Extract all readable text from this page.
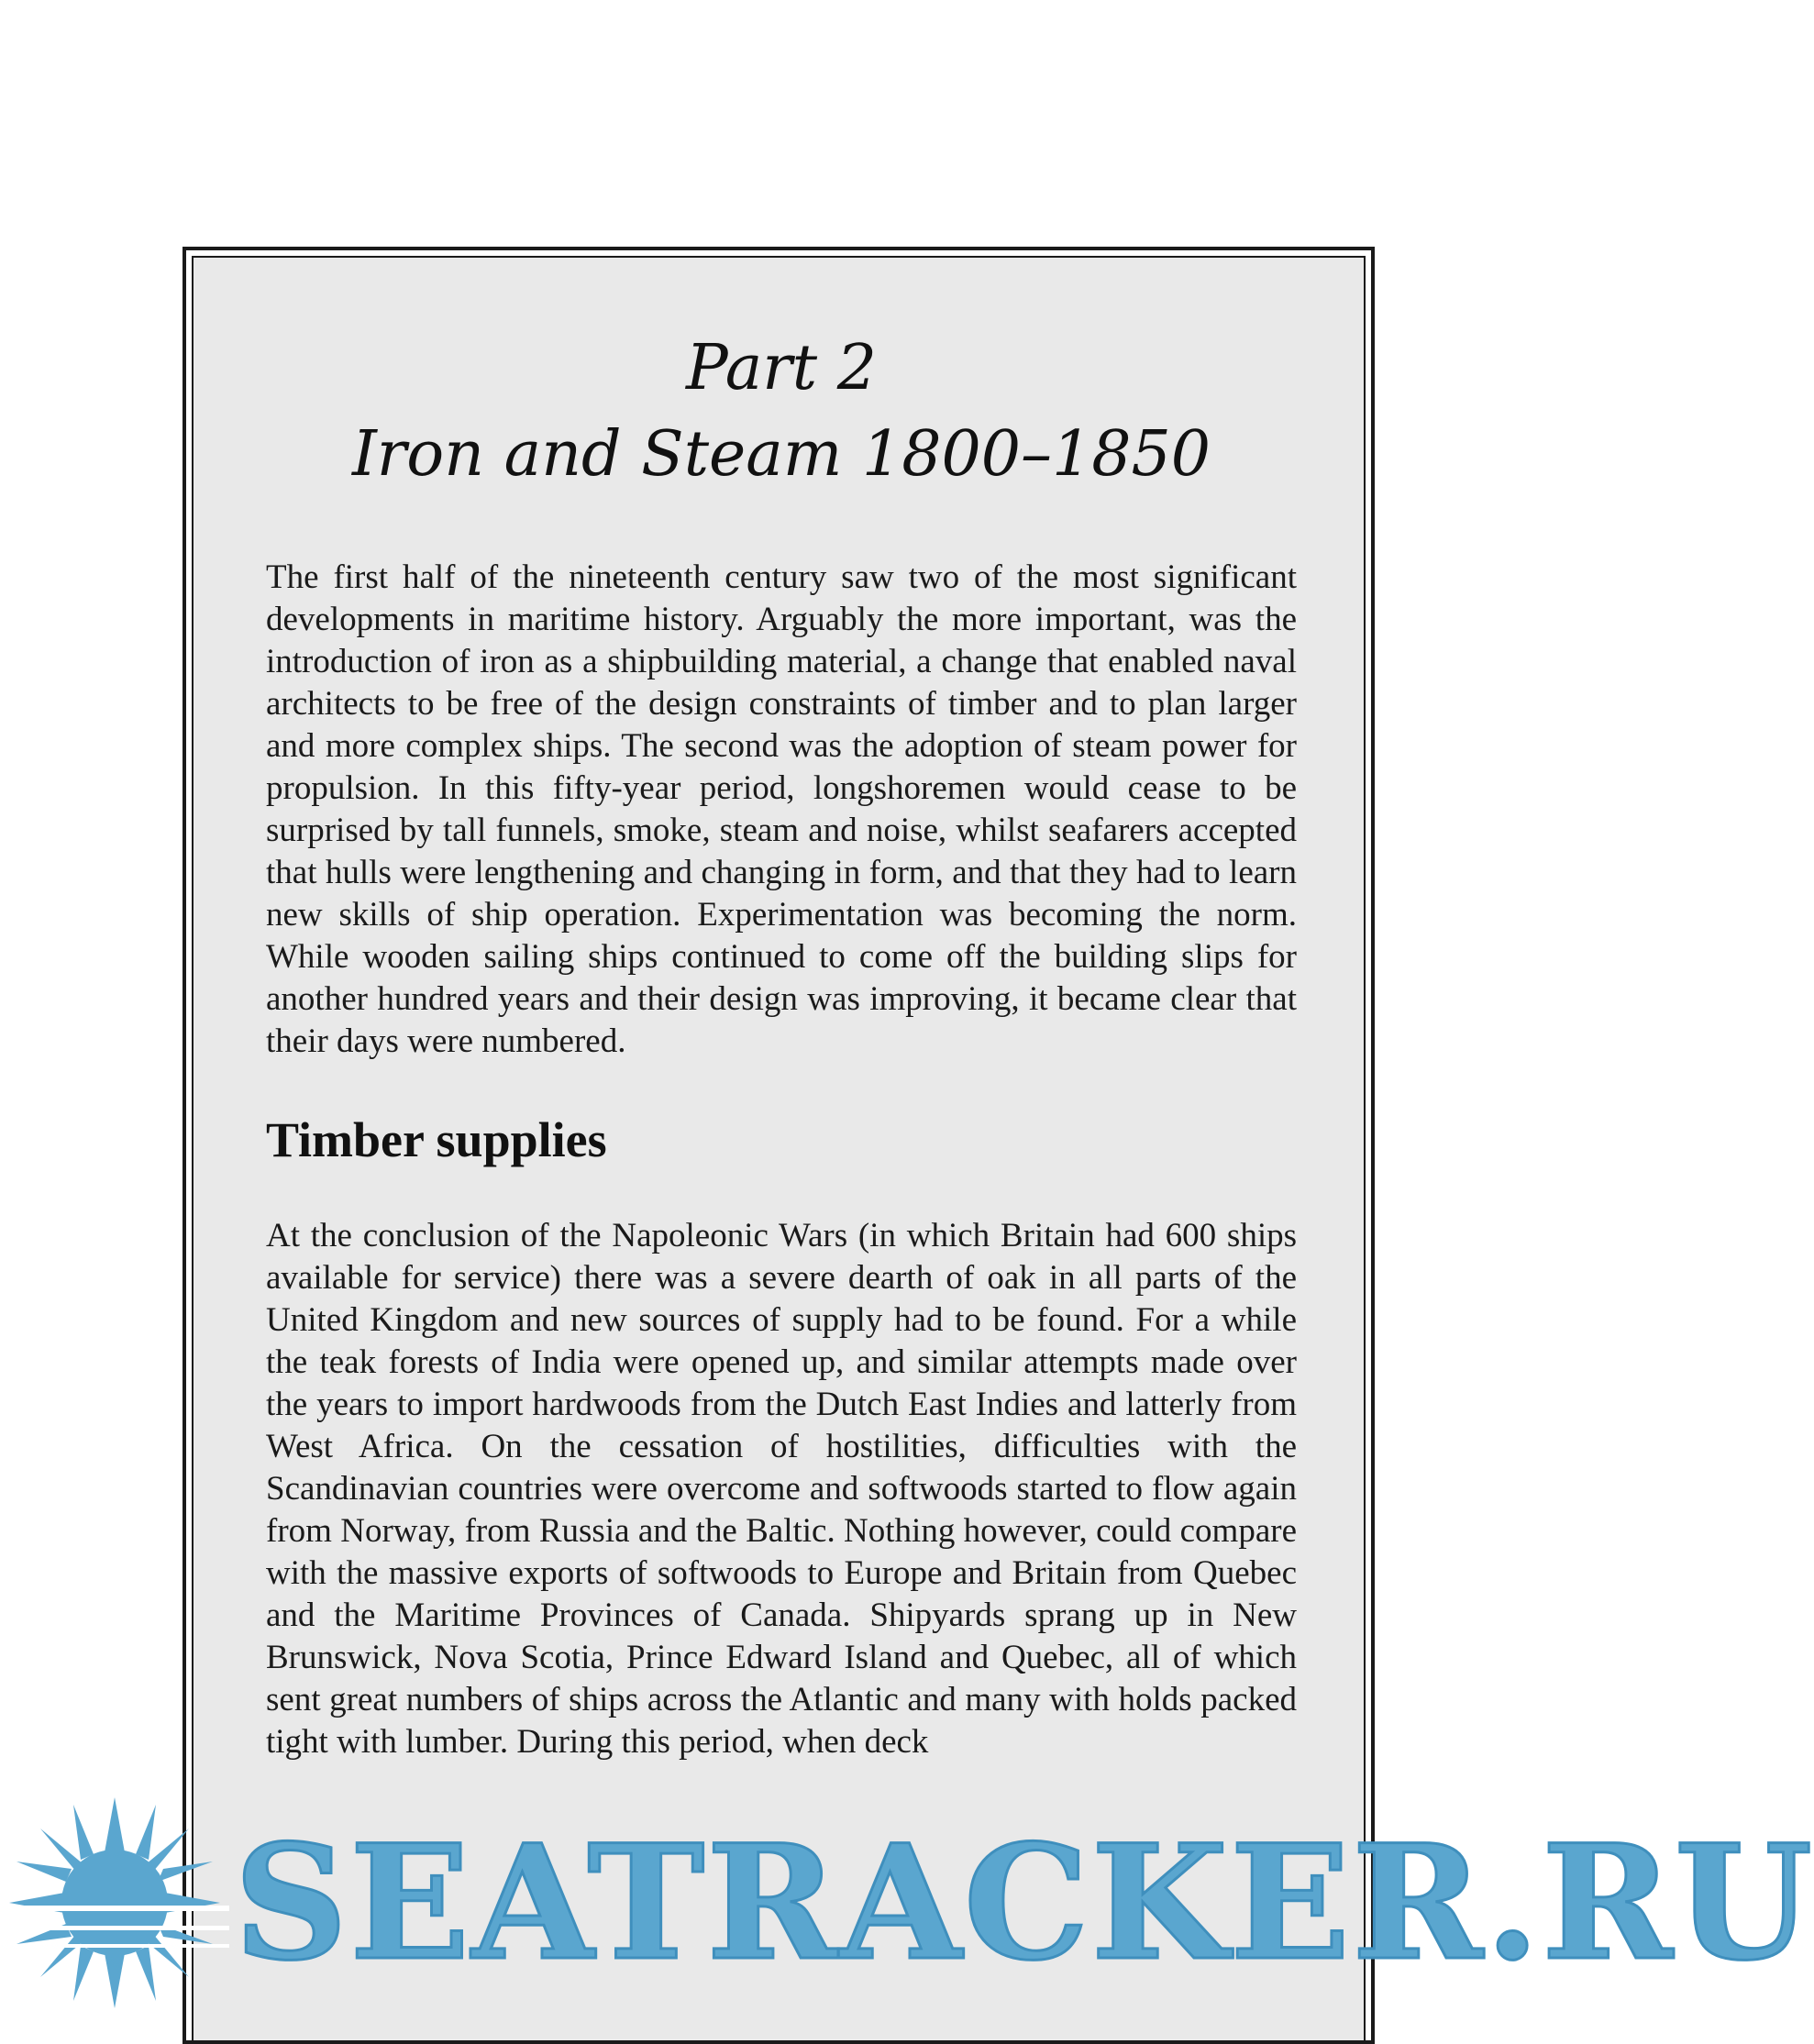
Part 2
Iron and Steam 1800–1850

The first half of the nineteenth century saw two of the most significant developments in maritime history. Arguably the more important, was the introduction of iron as a shipbuilding material, a change that enabled naval architects to be free of the design constraints of timber and to plan larger and more complex ships. The second was the adoption of steam power for propulsion. In this fifty-year period, longshoremen would cease to be surprised by tall funnels, smoke, steam and noise, whilst seafarers accepted that hulls were lengthening and changing in form, and that they had to learn new skills of ship operation. Experimentation was becoming the norm. While wooden sailing ships continued to come off the building slips for another hundred years and their design was improving, it became clear that their days were numbered.

Timber supplies

At the conclusion of the Napoleonic Wars (in which Britain had 600 ships available for service) there was a severe dearth of oak in all parts of the United Kingdom and new sources of supply had to be found. For a while the teak forests of India were opened up, and similar attempts made over the years to import hardwoods from the Dutch East Indies and latterly from West Africa. On the cessation of hostilities, difficulties with the Scandinavian countries were overcome and softwoods started to flow again from Norway, from Russia and the Baltic. Nothing however, could compare with the massive exports of softwoods to Europe and Britain from Quebec and the Maritime Provinces of Canada. Shipyards sprang up in New Brunswick, Nova Scotia, Prince Edward Island and Quebec, all of which sent great numbers of ships across the Atlantic and many with holds packed tight with lumber. During this period, when deck

SEATRACKER.RU
